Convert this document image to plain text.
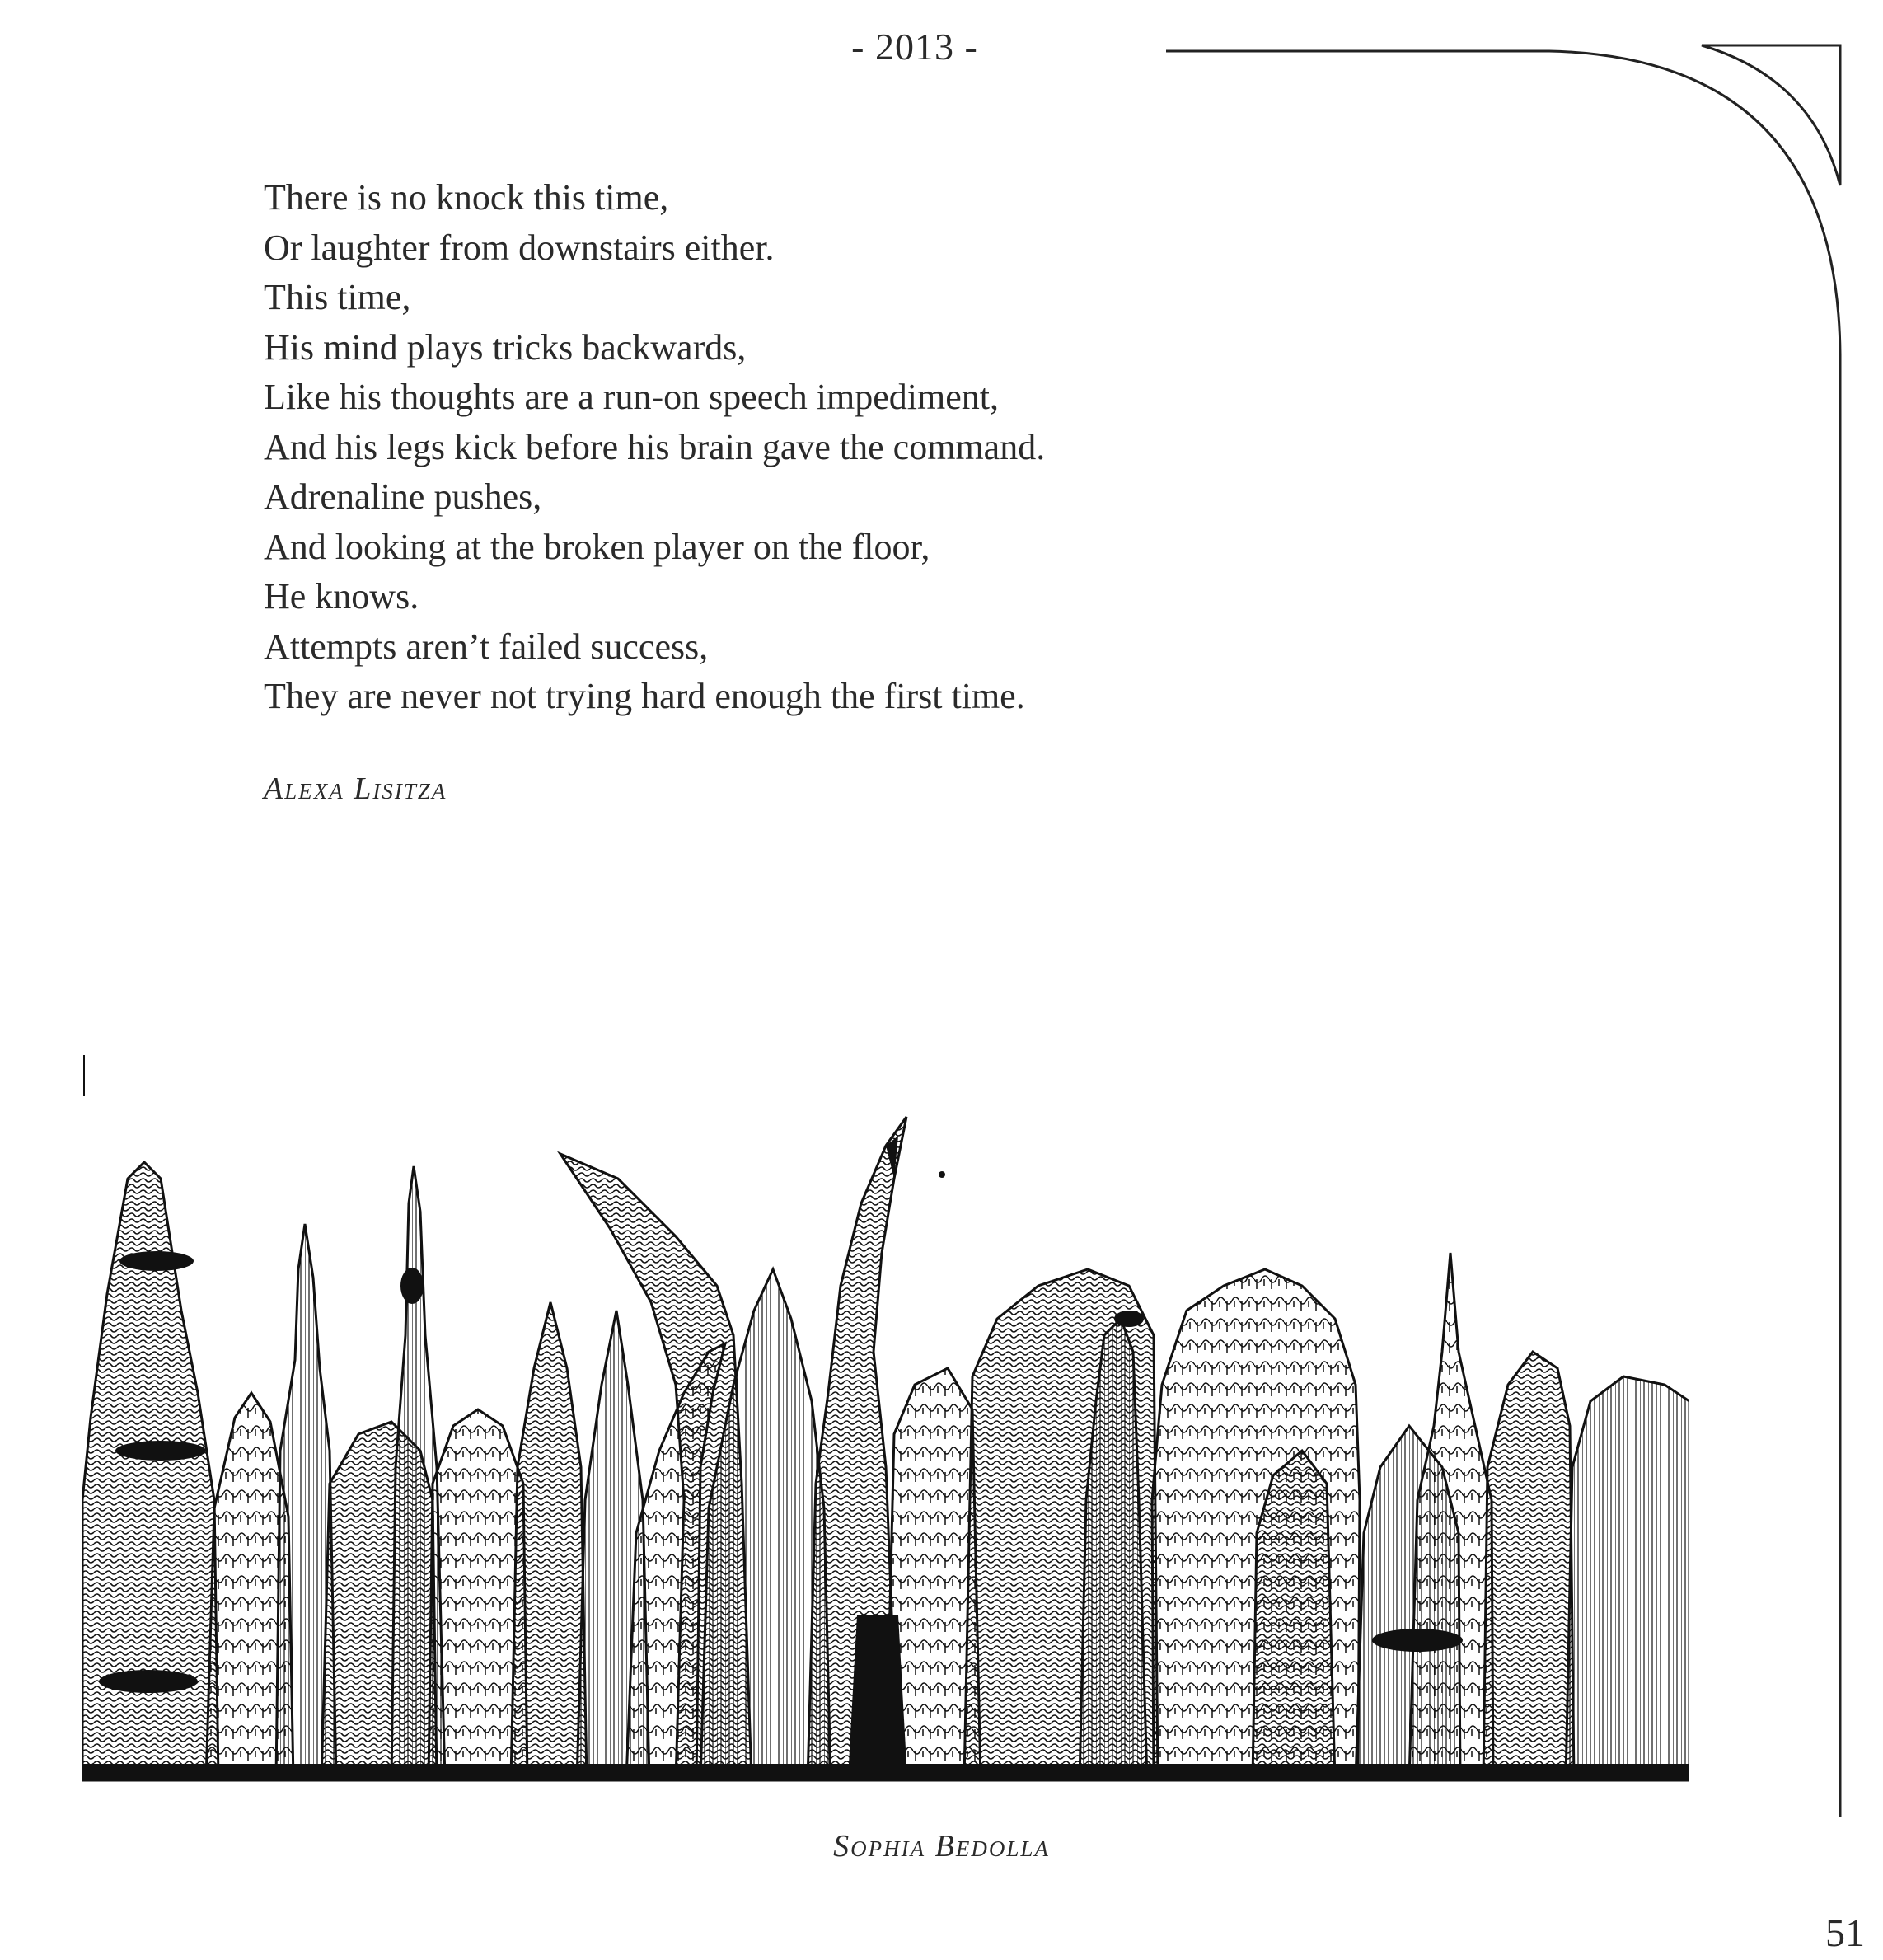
- 2013 -
There is no knock this time,
Or laughter from downstairs either.
This time,
His mind plays tricks backwards,
Like his thoughts are a run-on speech impediment,
And his legs kick before his brain gave the command.
Adrenaline pushes,
And looking at the broken player on the floor,
He knows.
Attempts aren’t failed success,
They are never not trying hard enough the first time.
Alexa Lisitza
Sophia Bedolla
51
